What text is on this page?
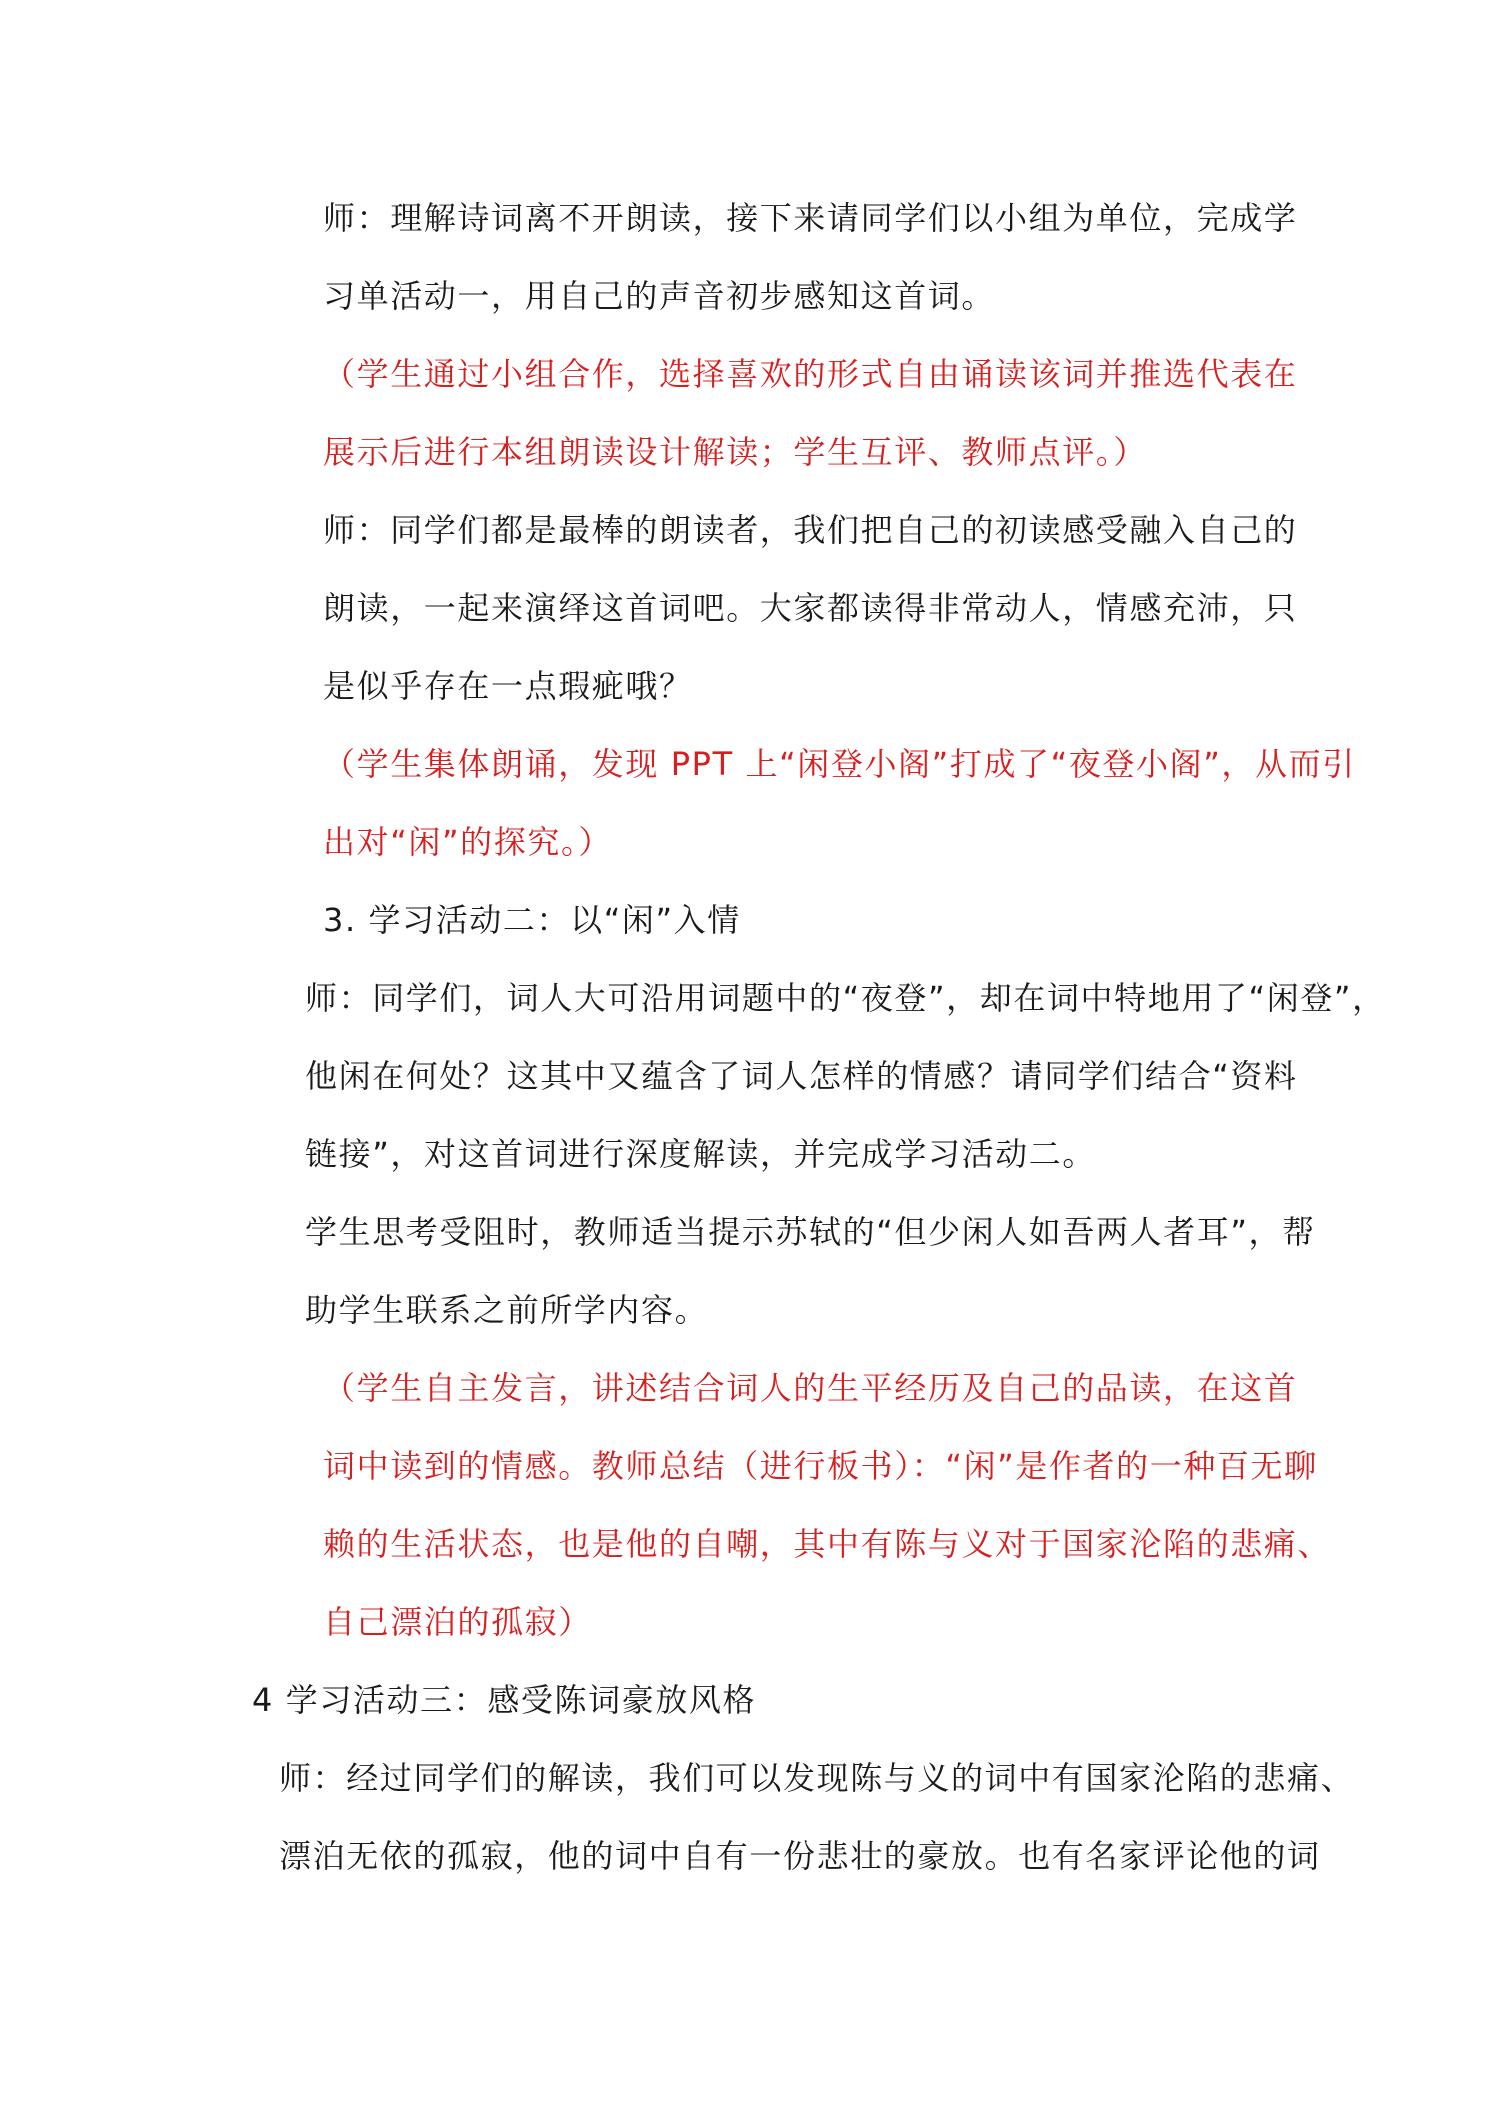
师：理解诗词离不开朗读，接下来请同学们以小组为单位，完成学
习单活动一，用自己的声音初步感知这首词。
（学生通过小组合作，选择喜欢的形式自由诵读该词并推选代表在
展示后进行本组朗读设计解读；学生互评、教师点评。）
师：同学们都是最棒的朗读者，我们把自己的初读感受融入自己的
朗读，一起来演绎这首词吧。大家都读得非常动人，情感充沛，只
是似乎存在一点瑕疵哦？
（学生集体朗诵，发现 PPT 上“闲登小阁”打成了“夜登小阁”，从而引
出对“闲”的探究。）
3. 学习活动二：以“闲”入情
师：同学们，词人大可沿用词题中的“夜登”，却在词中特地用了“闲登”，
他闲在何处？这其中又蕴含了词人怎样的情感？请同学们结合“资料
链接”，对这首词进行深度解读，并完成学习活动二。
学生思考受阻时，教师适当提示苏轼的“但少闲人如吾两人者耳”，帮
助学生联系之前所学内容。
（学生自主发言，讲述结合词人的生平经历及自己的品读，在这首
词中读到的情感。教师总结（进行板书）：“闲”是作者的一种百无聊
赖的生活状态，也是他的自嘲，其中有陈与义对于国家沦陷的悲痛、
自己漂泊的孤寂）
4 学习活动三：感受陈词豪放风格
师：经过同学们的解读，我们可以发现陈与义的词中有国家沦陷的悲痛、
漂泊无依的孤寂，他的词中自有一份悲壮的豪放。也有名家评论他的词
